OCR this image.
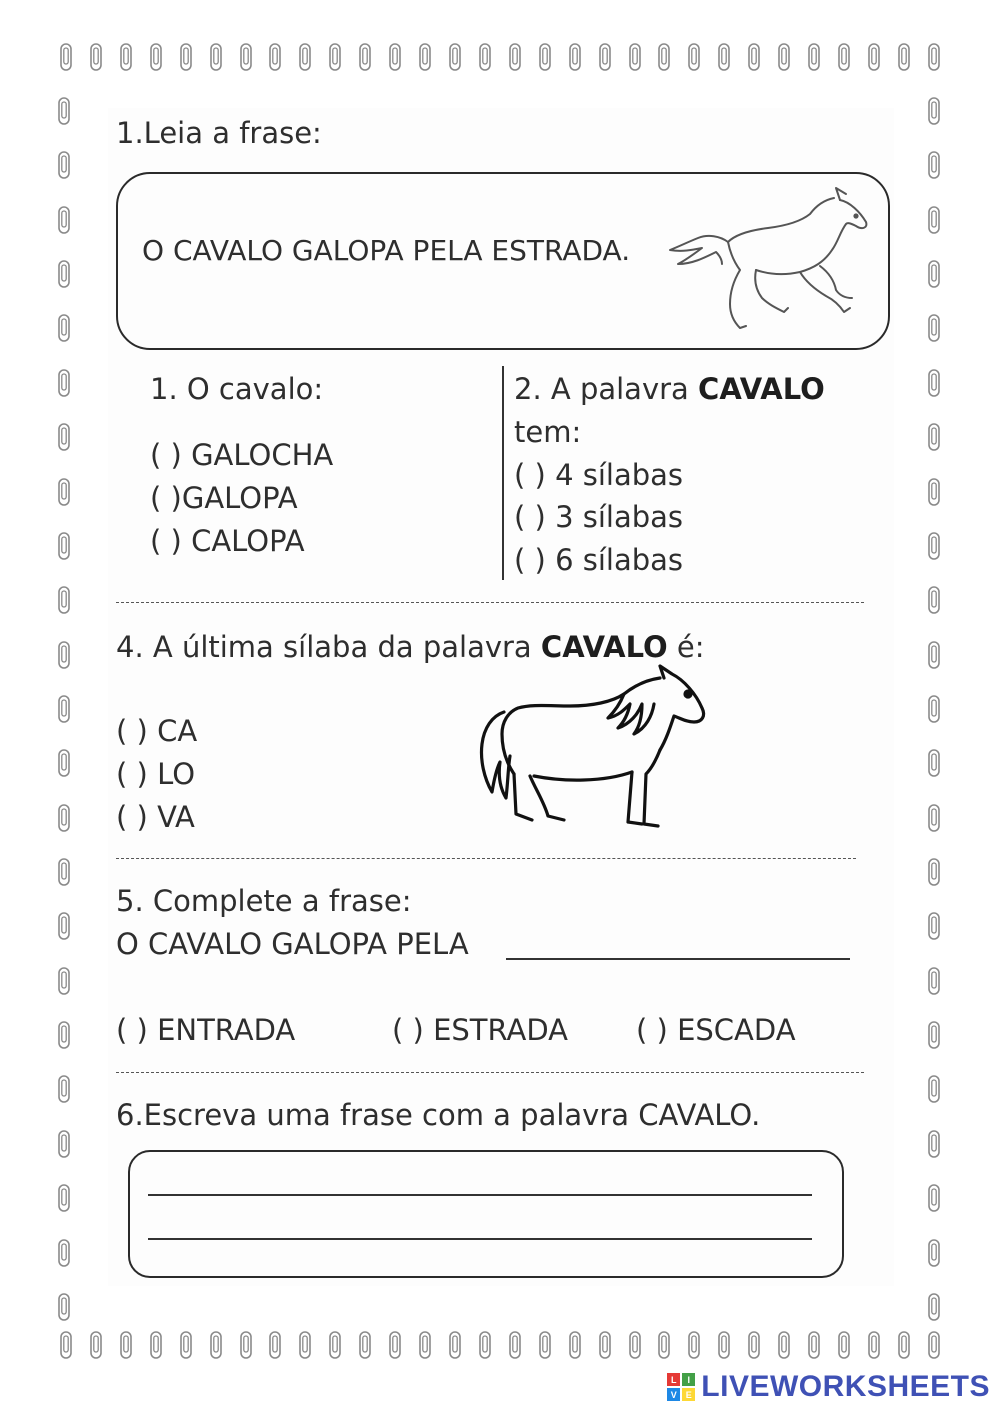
1.Leia a frase:
O CAVALO GALOPA PELA ESTRADA.
1. O cavalo:
( ) GALOCHA
( )GALOPA
( ) CALOPA
2. A palavra CAVALO
tem:
( ) 4 sílabas
( ) 3 sílabas
( ) 6 sílabas
4. A última sílaba da palavra CAVALO é:
( ) CA
( ) LO
( ) VA
5. Complete a frase:
O CAVALO GALOPA PELA
( ) ENTRADA	( ) ESTRADA ( ) ESCADA
6.Escreva uma frase com a palavra CAVALO.
L	I
V E LIVEWORKSHEETS
